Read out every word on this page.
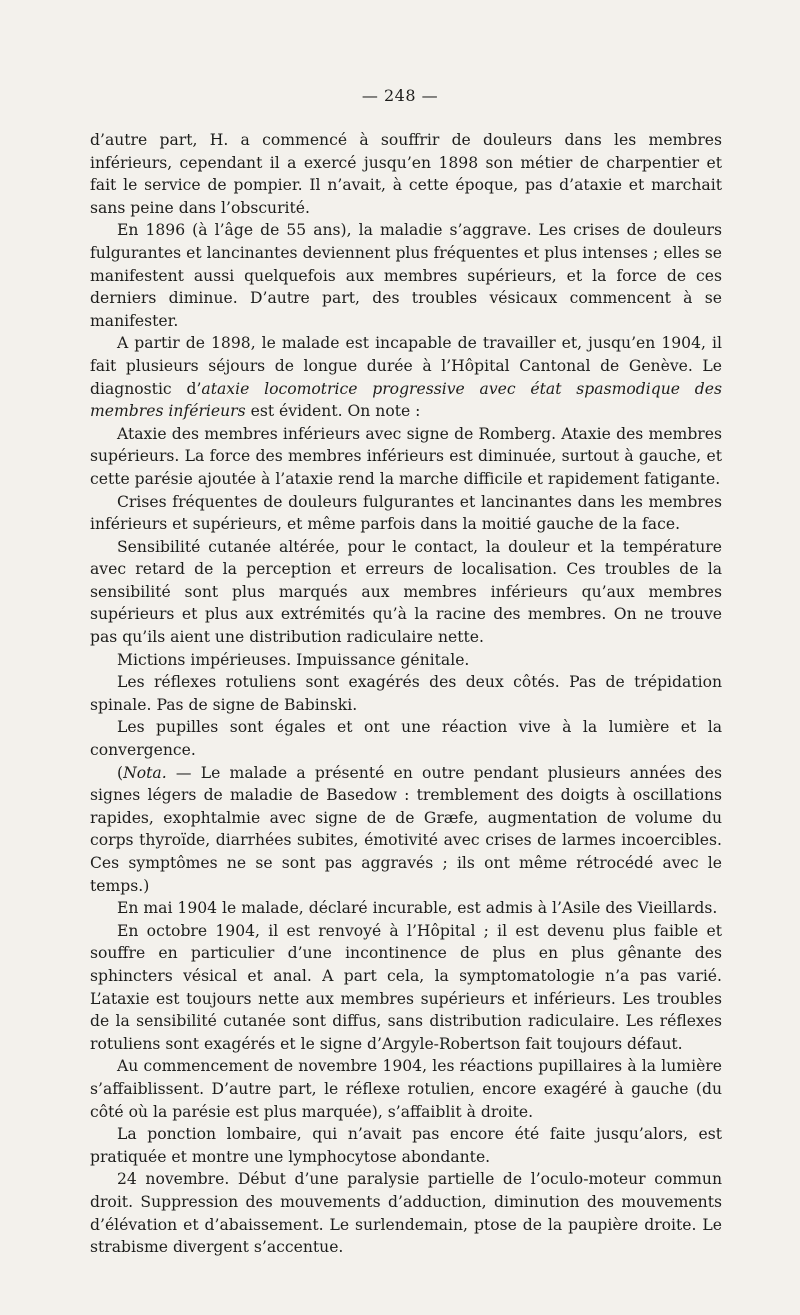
— 248 —

d’autre part, H. a commencé à souffrir de douleurs dans les membres inférieurs, cependant il a exercé jusqu’en 1898 son métier de charpentier et fait le service de pompier. Il n’avait, à cette époque, pas d’ataxie et marchait sans peine dans l’obscurité.

En 1896 (à l’âge de 55 ans), la maladie s’aggrave. Les crises de douleurs fulgurantes et lancinantes deviennent plus fréquentes et plus intenses ; elles se manifestent aussi quelquefois aux membres supérieurs, et la force de ces derniers diminue. D’autre part, des troubles vésicaux commencent à se manifester.

A partir de 1898, le malade est incapable de travailler et, jusqu’en 1904, il fait plusieurs séjours de longue durée à l’Hôpital Cantonal de Genève. Le diagnostic d’ataxie locomotrice progressive avec état spasmodique des membres inférieurs est évident. On note :

Ataxie des membres inférieurs avec signe de Romberg. Ataxie des membres supérieurs. La force des membres inférieurs est diminuée, surtout à gauche, et cette parésie ajoutée à l’ataxie rend la marche difficile et rapidement fatigante.

Crises fréquentes de douleurs fulgurantes et lancinantes dans les membres inférieurs et supérieurs, et même parfois dans la moitié gauche de la face.

Sensibilité cutanée altérée, pour le contact, la douleur et la température avec retard de la perception et erreurs de localisation. Ces troubles de la sensibilité sont plus marqués aux membres inférieurs qu’aux membres supérieurs et plus aux extrémités qu’à la racine des membres. On ne trouve pas qu’ils aient une distribution radiculaire nette.

Mictions impérieuses. Impuissance génitale.

Les réflexes rotuliens sont exagérés des deux côtés. Pas de trépidation spinale. Pas de signe de Babinski.

Les pupilles sont égales et ont une réaction vive à la lumière et la convergence.

(Nota. — Le malade a présenté en outre pendant plusieurs années des signes légers de maladie de Basedow : tremblement des doigts à oscillations rapides, exophtalmie avec signe de de Græfe, augmentation de volume du corps thyroïde, diarrhées subites, émotivité avec crises de larmes incoercibles. Ces symptômes ne se sont pas aggravés ; ils ont même rétrocédé avec le temps.)

En mai 1904 le malade, déclaré incurable, est admis à l’Asile des Vieillards.

En octobre 1904, il est renvoyé à l’Hôpital ; il est devenu plus faible et souffre en particulier d’une incontinence de plus en plus gênante des sphincters vésical et anal. A part cela, la symptomatologie n’a pas varié. L’ataxie est toujours nette aux membres supérieurs et inférieurs. Les troubles de la sensibilité cutanée sont diffus, sans distribution radiculaire. Les réflexes rotuliens sont exagérés et le signe d’Argyle-Robertson fait toujours défaut.

Au commencement de novembre 1904, les réactions pupillaires à la lumière s’affaiblissent. D’autre part, le réflexe rotulien, encore exagéré à gauche (du côté où la parésie est plus marquée), s’affaiblit à droite.

La ponction lombaire, qui n’avait pas encore été faite jusqu’alors, est pratiquée et montre une lymphocytose abondante.

24 novembre. Début d’une paralysie partielle de l’oculo-moteur commun droit. Suppression des mouvements d’adduction, diminution des mouvements d’élévation et d’abaissement. Le surlendemain, ptose de la paupière droite. Le strabisme divergent s’accentue.
